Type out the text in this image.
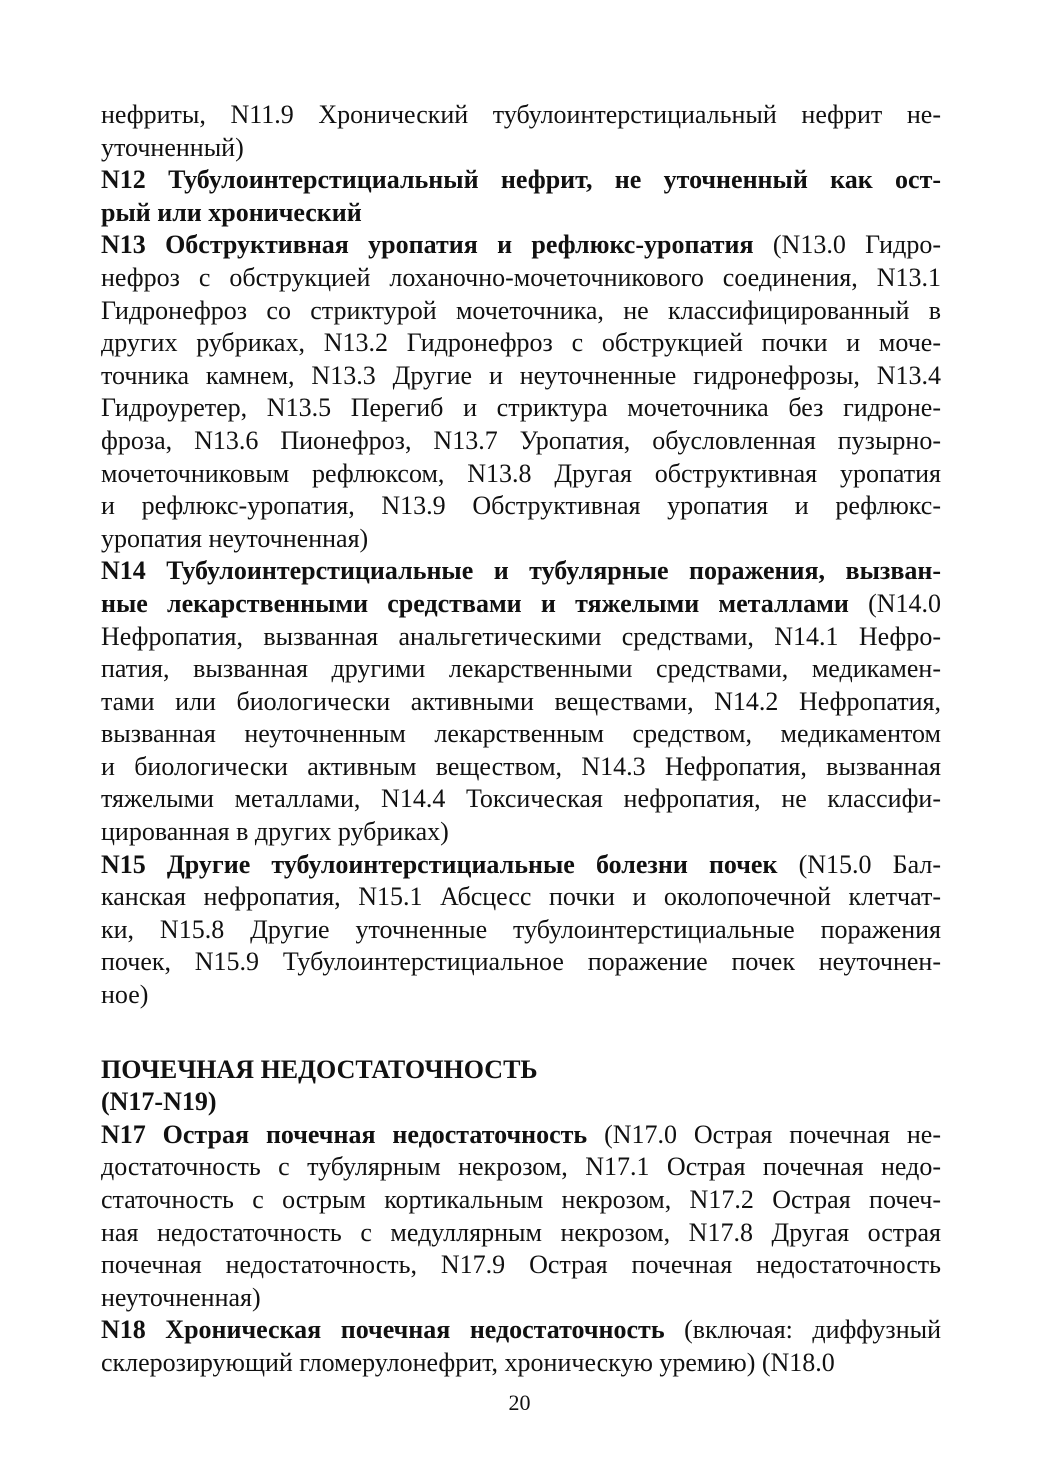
нефриты, N11.9 Хронический тубулоинтерстициальный нефрит не-
уточненный)
N12 Тубулоинтерстициальный нефрит, не уточненный как ост-
рый или хронический
N13 Обструктивная уропатия и рефлюкс-уропатия (N13.0 Гидро-
нефроз с обструкцией лоханочно-мочеточникового соединения, N13.1
Гидронефроз со стриктурой мочеточника, не классифицированный в
других рубриках, N13.2 Гидронефроз с обструкцией почки и моче-
точника камнем, N13.3 Другие и неуточненные гидронефрозы, N13.4
Гидроуретер, N13.5 Перегиб и стриктура мочеточника без гидроне-
фроза, N13.6 Пионефроз, N13.7 Уропатия, обусловленная пузырно-
мочеточниковым рефлюксом, N13.8 Другая обструктивная уропатия
и рефлюкс-уропатия, N13.9 Обструктивная уропатия и рефлюкс-
уропатия неуточненная)
N14 Тубулоинтерстициальные и тубулярные поражения, вызван-
ные лекарственными средствами и тяжелыми металлами (N14.0
Нефропатия, вызванная анальгетическими средствами, N14.1 Нефро-
патия, вызванная другими лекарственными средствами, медикамен-
тами или биологически активными веществами, N14.2 Нефропатия,
вызванная неуточненным лекарственным средством, медикаментом
и биологически активным веществом, N14.3 Нефропатия, вызванная
тяжелыми металлами, N14.4 Токсическая нефропатия, не классифи-
цированная в других рубриках)
N15 Другие тубулоинтерстициальные болезни почек (N15.0 Бал-
канская нефропатия, N15.1 Абсцесс почки и околопочечной клетчат-
ки, N15.8 Другие уточненные тубулоинтерстициальные поражения
почек, N15.9 Тубулоинтерстициальное поражение почек неуточнен-
ное)
ПОЧЕЧНАЯ НЕДОСТАТОЧНОСТЬ
(N17-N19)
N17 Острая почечная недостаточность (N17.0 Острая почечная не-
достаточность с тубулярным некрозом, N17.1 Острая почечная недо-
статочность с острым кортикальным некрозом, N17.2 Острая почеч-
ная недостаточность с медуллярным некрозом, N17.8 Другая острая
почечная недостаточность, N17.9 Острая почечная недостаточность
неуточненная)
N18 Хроническая почечная недостаточность (включая: диффузный
склерозирующий гломерулонефрит, хроническую уремию) (N18.0
20
